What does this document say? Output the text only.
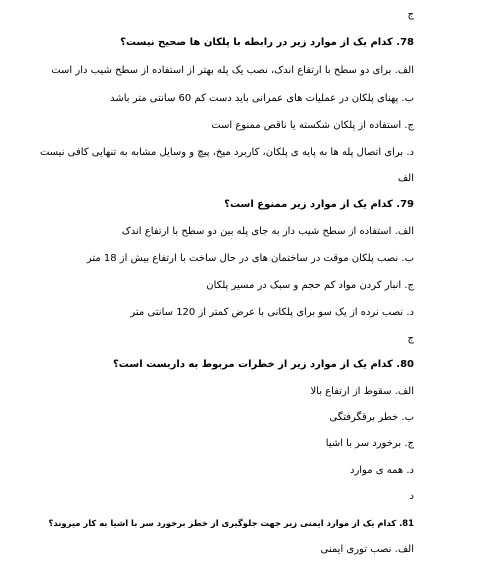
ج
78. کدام یک از موارد زیر در رابطه با پلکان ها صحیح نیست؟
الف. برای دو سطح با ارتفاع اندک، نصب یک پله بهتر از استفاده از سطح شیب دار است
ب. پهنای پلکان در عملیات های عمرانی باید دست کم 60 سانتی متر باشد
ج. استفاده از پلکان شکسته یا ناقص ممنوع است
د. برای اتصال پله ها به پایه ی پلکان، کاربرد میخ، پیچ و وسایل مشابه به تنهایی کافی نیست
الف
79. کدام یک از موارد زیر ممنوع است؟
الف. استفاده از سطح شیب دار به جای پله بین دو سطح با ارتفاع اندک
ب. نصب پلکان موقت در ساختمان های در حال ساخت با ارتفاع بیش از 18 متر
ج. انبار کردن مواد کم حجم و سبک در مسیر پلکان
د. نصب نرده از یک سو برای پلکانی با عرض کمتر از 120 سانتی متر
ج
80. کدام یک از موارد زیر از خطرات مربوط به داربست است؟
الف. سقوط از ارتفاع بالا
ب. خطر برقگرفتگی
ج. برخورد سر با اشیا
د. همه ی موارد
د
81. کدام یک از موارد ایمنی زیر جهت جلوگیری از خطر برخورد سر با اشیا به کار میروند؟
الف. نصب توری ایمنی
